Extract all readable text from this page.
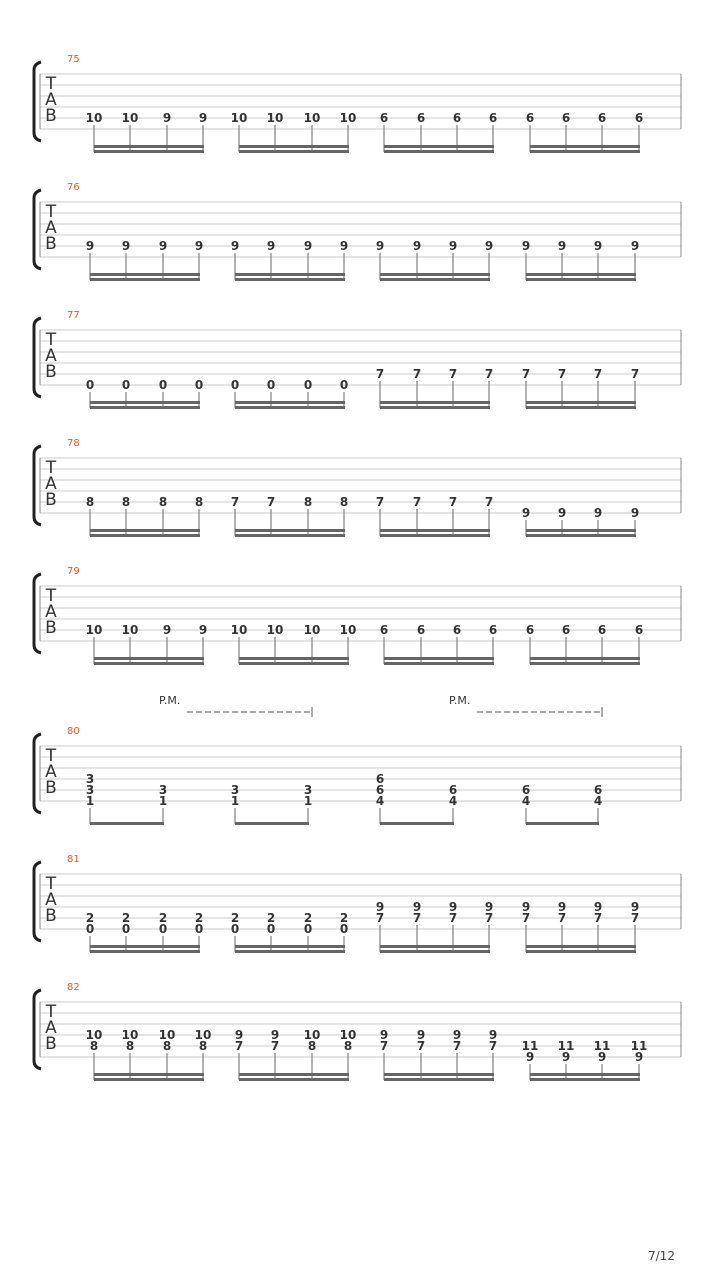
T
A
B
75
10 10 9 9 10 10 10 10 6 6 6 6 6 6 6 6
T
A
B
76
9 9 9 9 9 9 9 9 9 9 9 9 9 9 9 9
T
A
B
77
0 0 0 0 0 0 0 0
7 7 7 7 7 7 7 7
T
A
B
78
8 8 8 8 7 7 8 8 7 7 7 7
9 9 9 9
T
A
B
79
10 10 9 9 10 10 10 10 6 6 6 6 6 6 6 6
T
A
B
80
3
3
1
3
1
3
1
3
1
6
6
4
6
4
6
4
6
4
P.M.	P.M.
T
A
B
81
2
0
2
0
2
0
2
0
2
0
2
0
2
0
2
0
9
7
9
7
9
7
9
7
9
7
9
7
9
7
9
7
T
A
B
82
10
8
10
8
10
8
10
8
9
7
9
7
10
8
10
8
9
7
9
7
9
7
9
7 11
9
11
9
11
9
11
9
7/12
